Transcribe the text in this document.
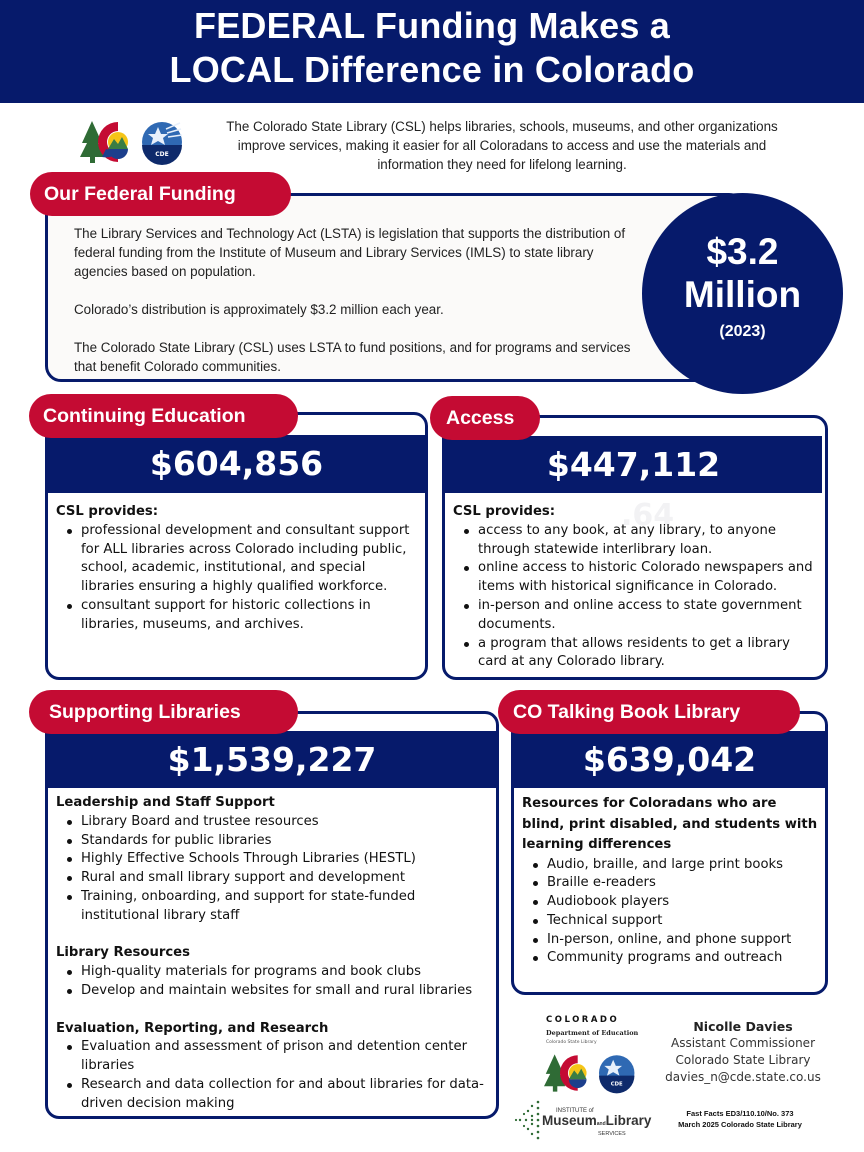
FEDERAL Funding Makes a
LOCAL Difference in Colorado
CDE

The Colorado State Library (CSL) helps libraries, schools, museums, and other organizations improve services, making it easier for all Coloradans to access and use the materials and information they need for lifelong learning.

Our Federal Funding

The Library Services and Technology Act (LSTA) is legislation that supports the distribution of federal funding from the Institute of Museum and Library Services (IMLS) to state library agencies based on population.

Colorado’s distribution is approximately $3.2 million each year.

The Colorado State Library (CSL) uses LSTA to fund positions, and for programs and services that benefit Colorado communities.

$3.2
Million
(2023)
$604,856
CSL provides:
professional development and consultant support for ALL libraries across Colorado including public, school, academic, institutional, and special libraries ensuring a highly qualified workforce.
consultant support for historic collections in libraries, museums, and archives.
Continuing Education
$447,112
.64
CSL provides:
access to any book, at any library, to anyone through statewide interlibrary loan.
online access to historic Colorado newspapers and items with historical significance in Colorado.
in-person and online access to state government documents.
a program that allows residents to get a library card at any Colorado library.
Access
$1,539,227
Leadership and Staff Support
Library Board and trustee resources
Standards for public libraries
Highly Effective Schools Through Libraries (HESTL)
Rural and small library support and development
Training, onboarding, and support for state-funded institutional library staff
Library Resources
High-quality materials for programs and book clubs
Develop and maintain websites for small and rural libraries
Evaluation, Reporting, and Research
Evaluation and assessment of prison and detention center libraries
Research and data collection for and about libraries for data- driven decision making
Supporting Libraries
$639,042
Resources for Coloradans who are blind, print disabled, and students with learning differences
Audio, braille, and large print books
Braille e-readers
Audiobook players
Technical support
In-person, online, and phone support
Community programs and outreach
CO Talking Book Library
COLORADO
Department of Education
Colorado State Library
CDE
INSTITUTE of
MuseumandLibrary
SERVICES
Nicolle Davies
Assistant Commissioner
Colorado State Library
davies_n@cde.state.co.us
Fast Facts ED3/110.10/No. 373
March 2025 Colorado State Library
